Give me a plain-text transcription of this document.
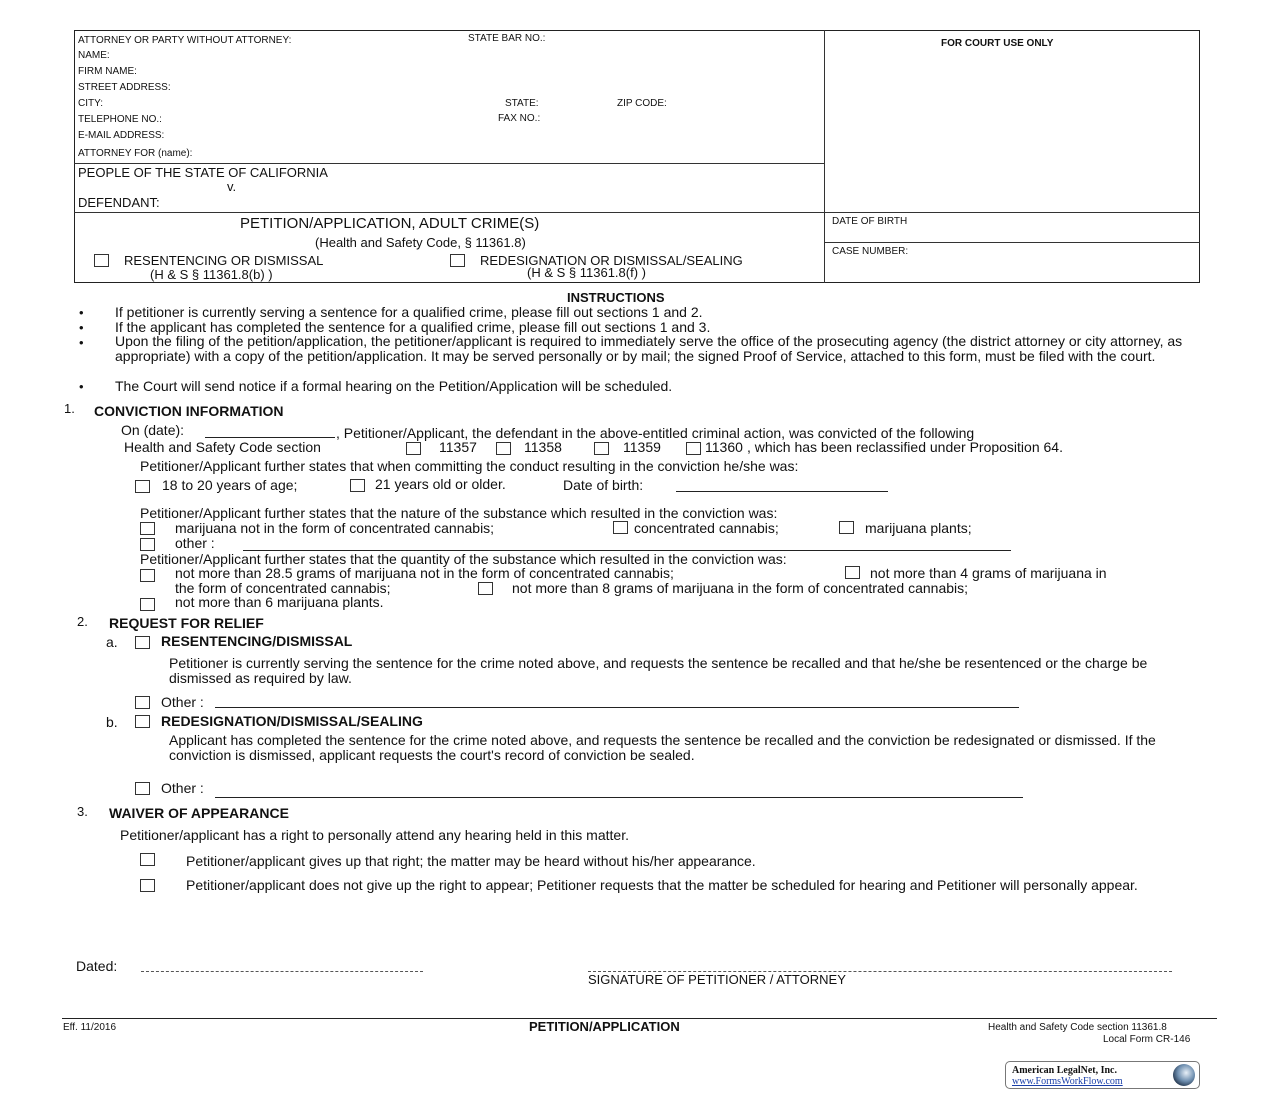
ATTORNEY OR PARTY WITHOUT ATTORNEY:	STATE BAR NO.:
NAME:
FIRM NAME:
STREET ADDRESS:
CITY:	STATE:	ZIP CODE:
TELEPHONE NO.:	FAX NO.:
E-MAIL ADDRESS:
ATTORNEY FOR (name):
FOR COURT USE ONLY
PEOPLE OF THE STATE OF CALIFORNIA
v.
DEFENDANT:
DATE OF BIRTH
CASE NUMBER:
PETITION/APPLICATION, ADULT CRIME(S)
(Health and Safety Code, § 11361.8)
RESENTENCING OR DISMISSAL
(H & S § 11361.8(b) )
REDESIGNATION OR DISMISSAL/SEALING
(H & S § 11361.8(f) )
INSTRUCTIONS
• If petitioner is currently serving a sentence for a qualified crime, please fill out sections 1 and 2.
• If the applicant has completed the sentence for a qualified crime, please fill out sections 1 and 3.
• Upon the filing of the petition/application, the petitioner/applicant is required to immediately serve the office of the prosecuting agency (the district attorney or city attorney, as appropriate) with a copy of the petition/application. It may be served personally or by mail; the signed Proof of Service, attached to this form, must be filed with the court.
• The Court will send notice if a formal hearing on the Petition/Application will be scheduled.
1. CONVICTION INFORMATION
On (date):	, Petitioner/Applicant, the defendant in the above-entitled criminal action, was convicted of the following
Health and Safety Code section	11357	11358	11359	11360 , which has been reclassified under Proposition 64.
Petitioner/Applicant further states that when committing the conduct resulting in the conviction he/she was:
18 to 20 years of age;	21 years old or older.	Date of birth:
Petitioner/Applicant further states that the nature of the substance which resulted in the conviction was:
marijuana not in the form of concentrated cannabis;	concentrated cannabis;	marijuana plants;
other :
Petitioner/Applicant further states that the quantity of the substance which resulted in the conviction was:
not more than 28.5 grams of marijuana not in the form of concentrated cannabis;	not more than 4 grams of marijuana in
the form of concentrated cannabis;	not more than 8 grams of marijuana in the form of concentrated cannabis;
not more than 6 marijuana plants.
2. REQUEST FOR RELIEF
a.	RESENTENCING/DISMISSAL
Petitioner is currently serving the sentence for the crime noted above, and requests the sentence be recalled and that he/she be resentenced or the charge be dismissed as required by law.
Other :
b.	REDESIGNATION/DISMISSAL/SEALING
Applicant has completed the sentence for the crime noted above, and requests the sentence be recalled and the conviction be redesignated or dismissed. If the conviction is dismissed, applicant requests the court's record of conviction be sealed.
Other :
3. WAIVER OF APPEARANCE
Petitioner/applicant has a right to personally attend any hearing held in this matter.
Petitioner/applicant gives up that right; the matter may be heard without his/her appearance.
Petitioner/applicant does not give up the right to appear; Petitioner requests that the matter be scheduled for hearing and Petitioner will personally appear.
Dated:
SIGNATURE OF PETITIONER / ATTORNEY
Eff. 11/2016	PETITION/APPLICATION	Health and Safety Code section 11361.8
Local Form CR-146
American LegalNet, Inc.
www.FormsWorkFlow.com
